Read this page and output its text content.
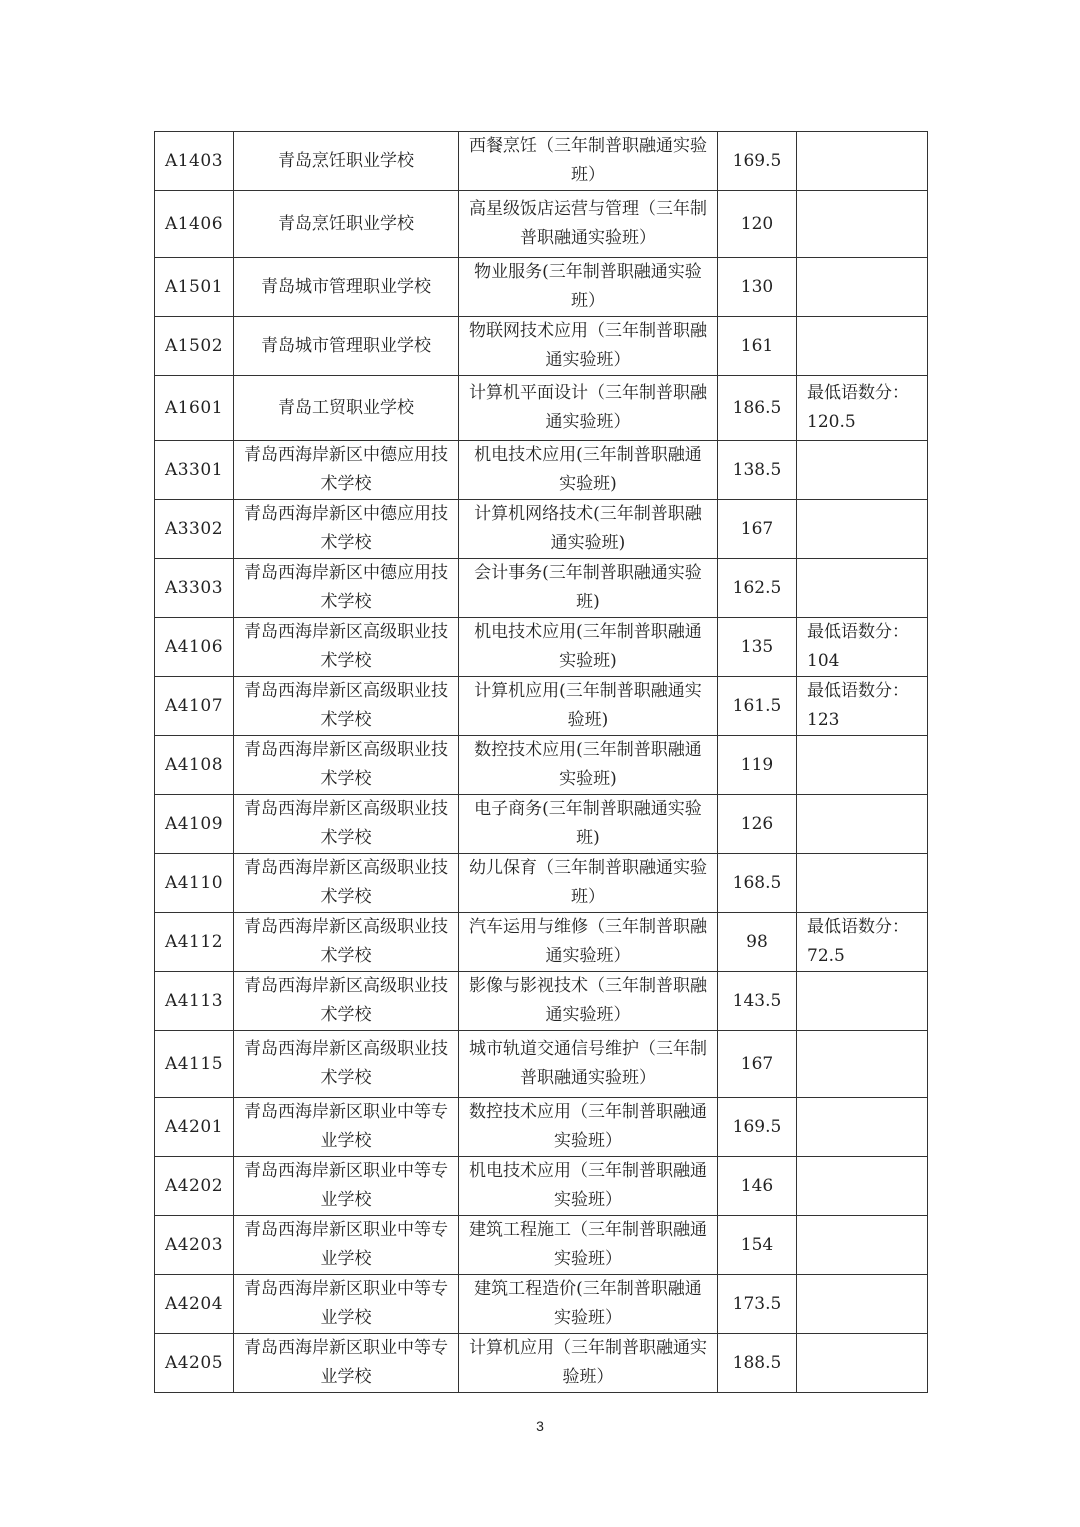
A1403	青岛烹饪职业学校	西餐烹饪（三年制普职融通实验班）	169.5	
A1406	青岛烹饪职业学校	高星级饭店运营与管理（三年制普职融通实验班）	120	
A1501	青岛城市管理职业学校	物业服务(三年制普职融通实验班）	130	
A1502	青岛城市管理职业学校	物联网技术应用（三年制普职融通实验班）	161	
A1601	青岛工贸职业学校	计算机平面设计（三年制普职融通实验班）	186.5	最低语数分：120.5
A3301	青岛西海岸新区中德应用技术学校	机电技术应用(三年制普职融通实验班)	138.5	
A3302	青岛西海岸新区中德应用技术学校	计算机网络技术(三年制普职融通实验班)	167	
A3303	青岛西海岸新区中德应用技术学校	会计事务(三年制普职融通实验班)	162.5	
A4106	青岛西海岸新区高级职业技术学校	机电技术应用(三年制普职融通实验班)	135	最低语数分：104
A4107	青岛西海岸新区高级职业技术学校	计算机应用(三年制普职融通实验班)	161.5	最低语数分：123
A4108	青岛西海岸新区高级职业技术学校	数控技术应用(三年制普职融通实验班)	119	
A4109	青岛西海岸新区高级职业技术学校	电子商务(三年制普职融通实验班)	126	
A4110	青岛西海岸新区高级职业技术学校	幼儿保育（三年制普职融通实验班）	168.5	
A4112	青岛西海岸新区高级职业技术学校	汽车运用与维修（三年制普职融通实验班）	98	最低语数分：72.5
A4113	青岛西海岸新区高级职业技术学校	影像与影视技术（三年制普职融通实验班）	143.5	
A4115	青岛西海岸新区高级职业技术学校	城市轨道交通信号维护（三年制普职融通实验班）	167	
A4201	青岛西海岸新区职业中等专业学校	数控技术应用（三年制普职融通实验班）	169.5	
A4202	青岛西海岸新区职业中等专业学校	机电技术应用（三年制普职融通实验班）	146	
A4203	青岛西海岸新区职业中等专业学校	建筑工程施工（三年制普职融通实验班）	154	
A4204	青岛西海岸新区职业中等专业学校	建筑工程造价(三年制普职融通实验班）	173.5	
A4205	青岛西海岸新区职业中等专业学校	计算机应用（三年制普职融通实验班）	188.5	
3
